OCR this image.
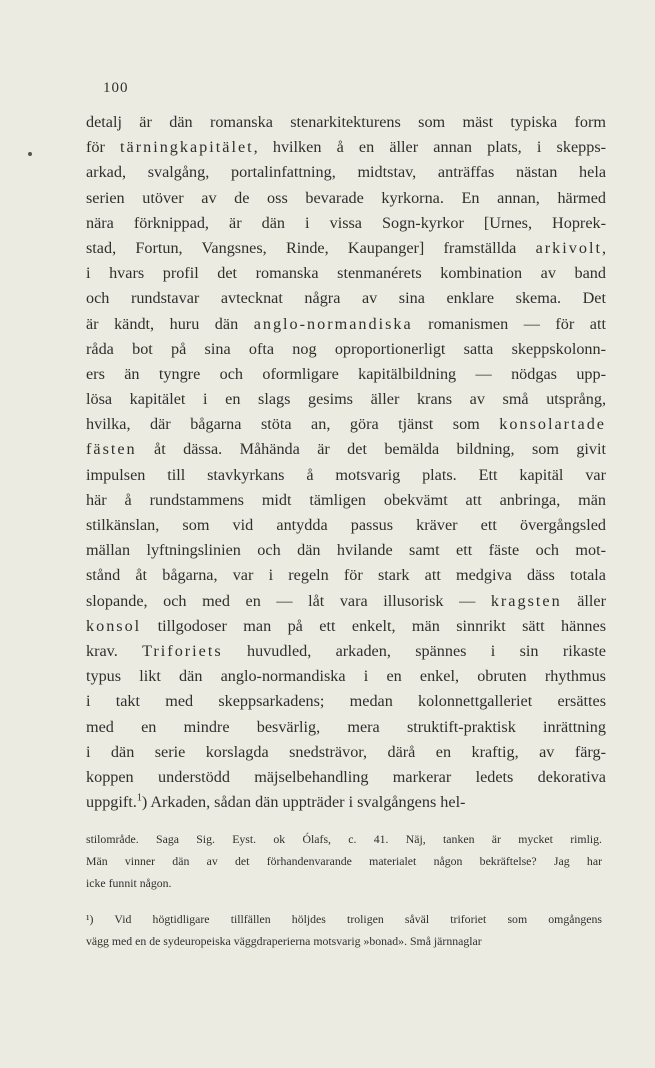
100
detalj är dän romanska stenarkitekturens som mäst typiska form
för tärningkapitälet, hvilken å en äller annan plats, i skepps-
arkad, svalgång, portalinfattning, midtstav, anträffas nästan hela
serien utöver av de oss bevarade kyrkorna. En annan, härmed
nära förknippad, är dän i vissa Sogn-kyrkor [Urnes, Hoprek-
stad, Fortun, Vangsnes, Rinde, Kaupanger] framställda arkivolt,
i hvars profil det romanska stenmanérets kombination av band
och rundstavar avtecknat några av sina enklare skema. Det
är kändt, huru dän anglo-normandiska romanismen — för att
råda bot på sina ofta nog oproportionerligt satta skeppskolonn-
ers än tyngre och oformligare kapitälbildning — nödgas upp-
lösa kapitälet i en slags gesims äller krans av små utsprång,
hvilka, där bågarna stöta an, göra tjänst som konsolartade
fästen åt dässa. Måhända är det bemälda bildning, som givit
impulsen till stavkyrkans å motsvarig plats. Ett kapitäl var
här å rundstammens midt tämligen obekvämt att anbringa, män
stilkänslan, som vid antydda passus kräver ett övergångsled
mällan lyftningslinien och dän hvilande samt ett fäste och mot-
stånd åt bågarna, var i regeln för stark att medgiva däss totala
slopande, och med en — låt vara illusorisk — kragsten äller
konsol tillgodoser man på ett enkelt, män sinnrikt sätt hännes
krav. Triforiets huvudled, arkaden, spännes i sin rikaste
typus likt dän anglo-normandiska i en enkel, obruten rhythmus
i takt med skeppsarkadens; medan kolonnettgalleriet ersättes
med en mindre besvärlig, mera struktift-praktisk inrättning
i dän serie korslagda snedsträvor, därå en kraftig, av färg-
koppen understödd mäjselbehandling markerar ledets dekorativa
uppgift.$^1$) Arkaden, sådan dän uppträder i svalgångens hel-
stilområde. Saga Sig. Eyst. ok Ólafs, c. 41. Näj, tanken är mycket rimlig.
Män vinner dän av det förhandenvarande materialet någon bekräftelse? Jag har
icke funnit någon.
¹) Vid högtidligare tillfällen höljdes troligen såväl triforiet som omgångens
vägg med en de sydeuropeiska väggdraperierna motsvarig »bonad». Små järnnaglar
